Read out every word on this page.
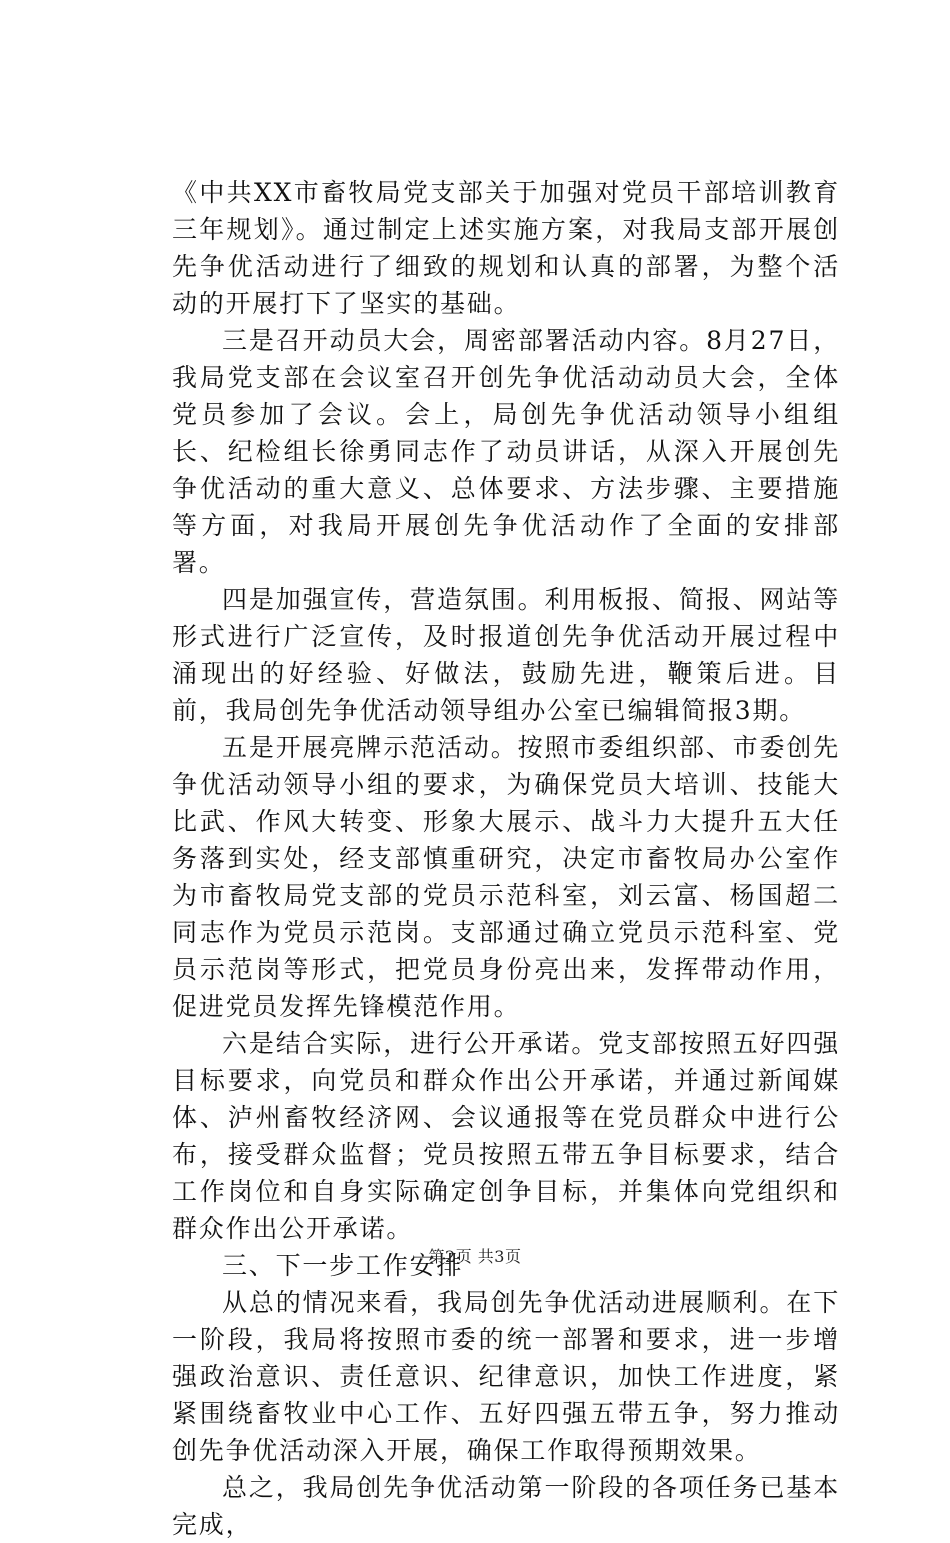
《中共XX市畜牧局党支部关于加强对党员干部培训教育三年规划》。通过制定上述实施方案，对我局支部开展创先争优活动进行了细致的规划和认真的部署，为整个活动的开展打下了坚实的基础。

三是召开动员大会，周密部署活动内容。8月27日，我局党支部在会议室召开创先争优活动动员大会，全体党员参加了会议。会上，局创先争优活动领导小组组长、纪检组长徐勇同志作了动员讲话，从深入开展创先争优活动的重大意义、总体要求、方法步骤、主要措施等方面，对我局开展创先争优活动作了全面的安排部署。

四是加强宣传，营造氛围。利用板报、简报、网站等形式进行广泛宣传，及时报道创先争优活动开展过程中涌现出的好经验、好做法，鼓励先进，鞭策后进。目前，我局创先争优活动领导组办公室已编辑简报3期。

五是开展亮牌示范活动。按照市委组织部、市委创先争优活动领导小组的要求，为确保党员大培训、技能大比武、作风大转变、形象大展示、战斗力大提升五大任务落到实处，经支部慎重研究，决定市畜牧局办公室作为市畜牧局党支部的党员示范科室，刘云富、杨国超二同志作为党员示范岗。支部通过确立党员示范科室、党员示范岗等形式，把党员身份亮出来，发挥带动作用，促进党员发挥先锋模范作用。

六是结合实际，进行公开承诺。党支部按照五好四强目标要求，向党员和群众作出公开承诺，并通过新闻媒体、泸州畜牧经济网、会议通报等在党员群众中进行公布，接受群众监督；党员按照五带五争目标要求，结合工作岗位和自身实际确定创争目标，并集体向党组织和群众作出公开承诺。

三、下一步工作安排

从总的情况来看，我局创先争优活动进展顺利。在下一阶段，我局将按照市委的统一部署和要求，进一步增强政治意识、责任意识、纪律意识，加快工作进度，紧紧围绕畜牧业中心工作、五好四强五带五争，努力推动创先争优活动深入开展，确保工作取得预期效果。

总之，我局创先争优活动第一阶段的各项任务已基本完成，

第2页 共3页
